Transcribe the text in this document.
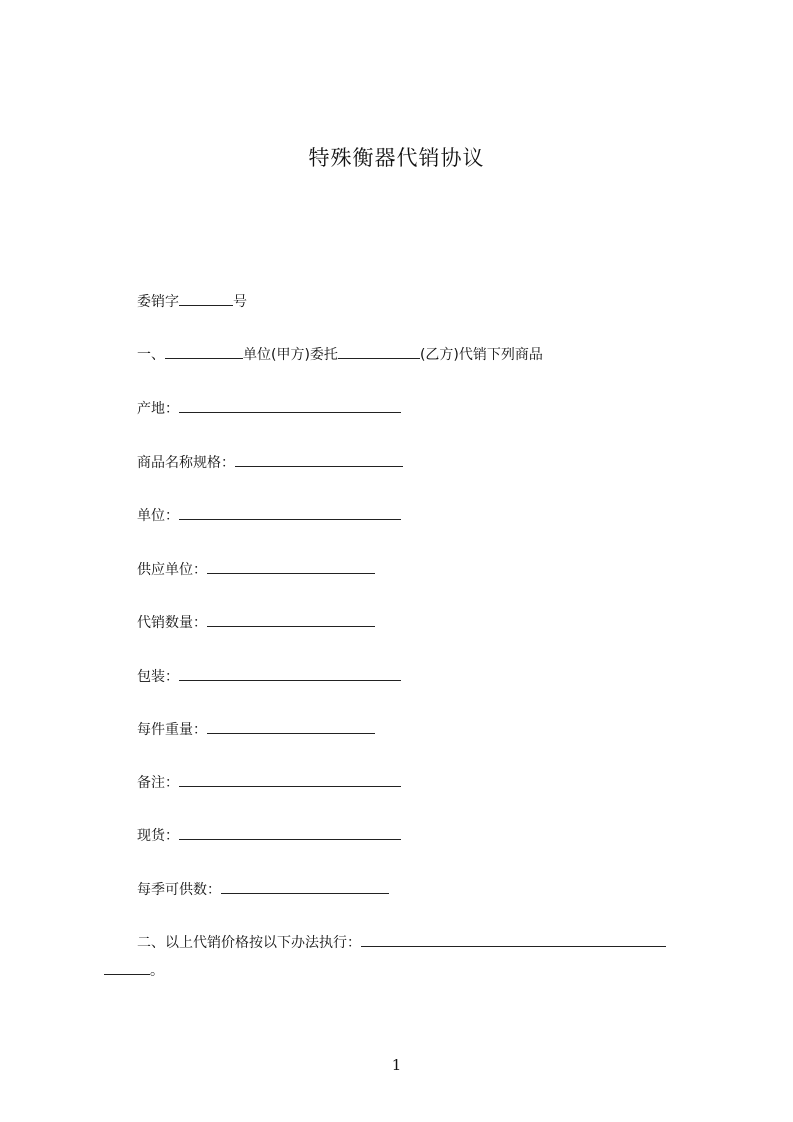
特殊衡器代销协议
委销字	号
一、	单位(甲方)委托	(乙方)代销下列商品
产地：
商品名称规格：
单位：
供应单位：
代销数量：
包装：
每件重量：
备注：
现货：
每季可供数：
二、以上代销价格按以下办法执行：
。
1
